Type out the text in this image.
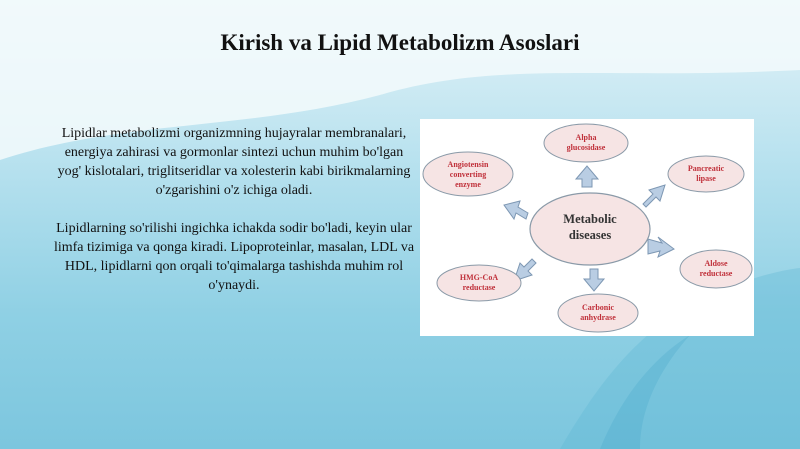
Kirish va Lipid Metabolizm Asoslari

Lipidlar metabolizmi organizmning hujayralar membranalari, energiya zahirasi va gormonlar sintezi uchun muhim bo'lgan yog' kislotalari, triglitseridlar va xolesterin kabi birikmalarning o'zgarishini o'z ichiga oladi.

Lipidlarning so'rilishi ingichka ichakda sodir bo'ladi, keyin ular limfa tizimiga va qonga kiradi. Lipoproteinlar, masalan, LDL va HDL, lipidlarni qon orqali to'qimalarga tashishda muhim rol o'ynaydi.

Metabolic
diseases
Alpha
glucosidase
Pancreatic
lipase
Aldose
reductase
Carbonic
anhydrase
HMG-CoA
reductase
Angiotensin
converting
enzyme
